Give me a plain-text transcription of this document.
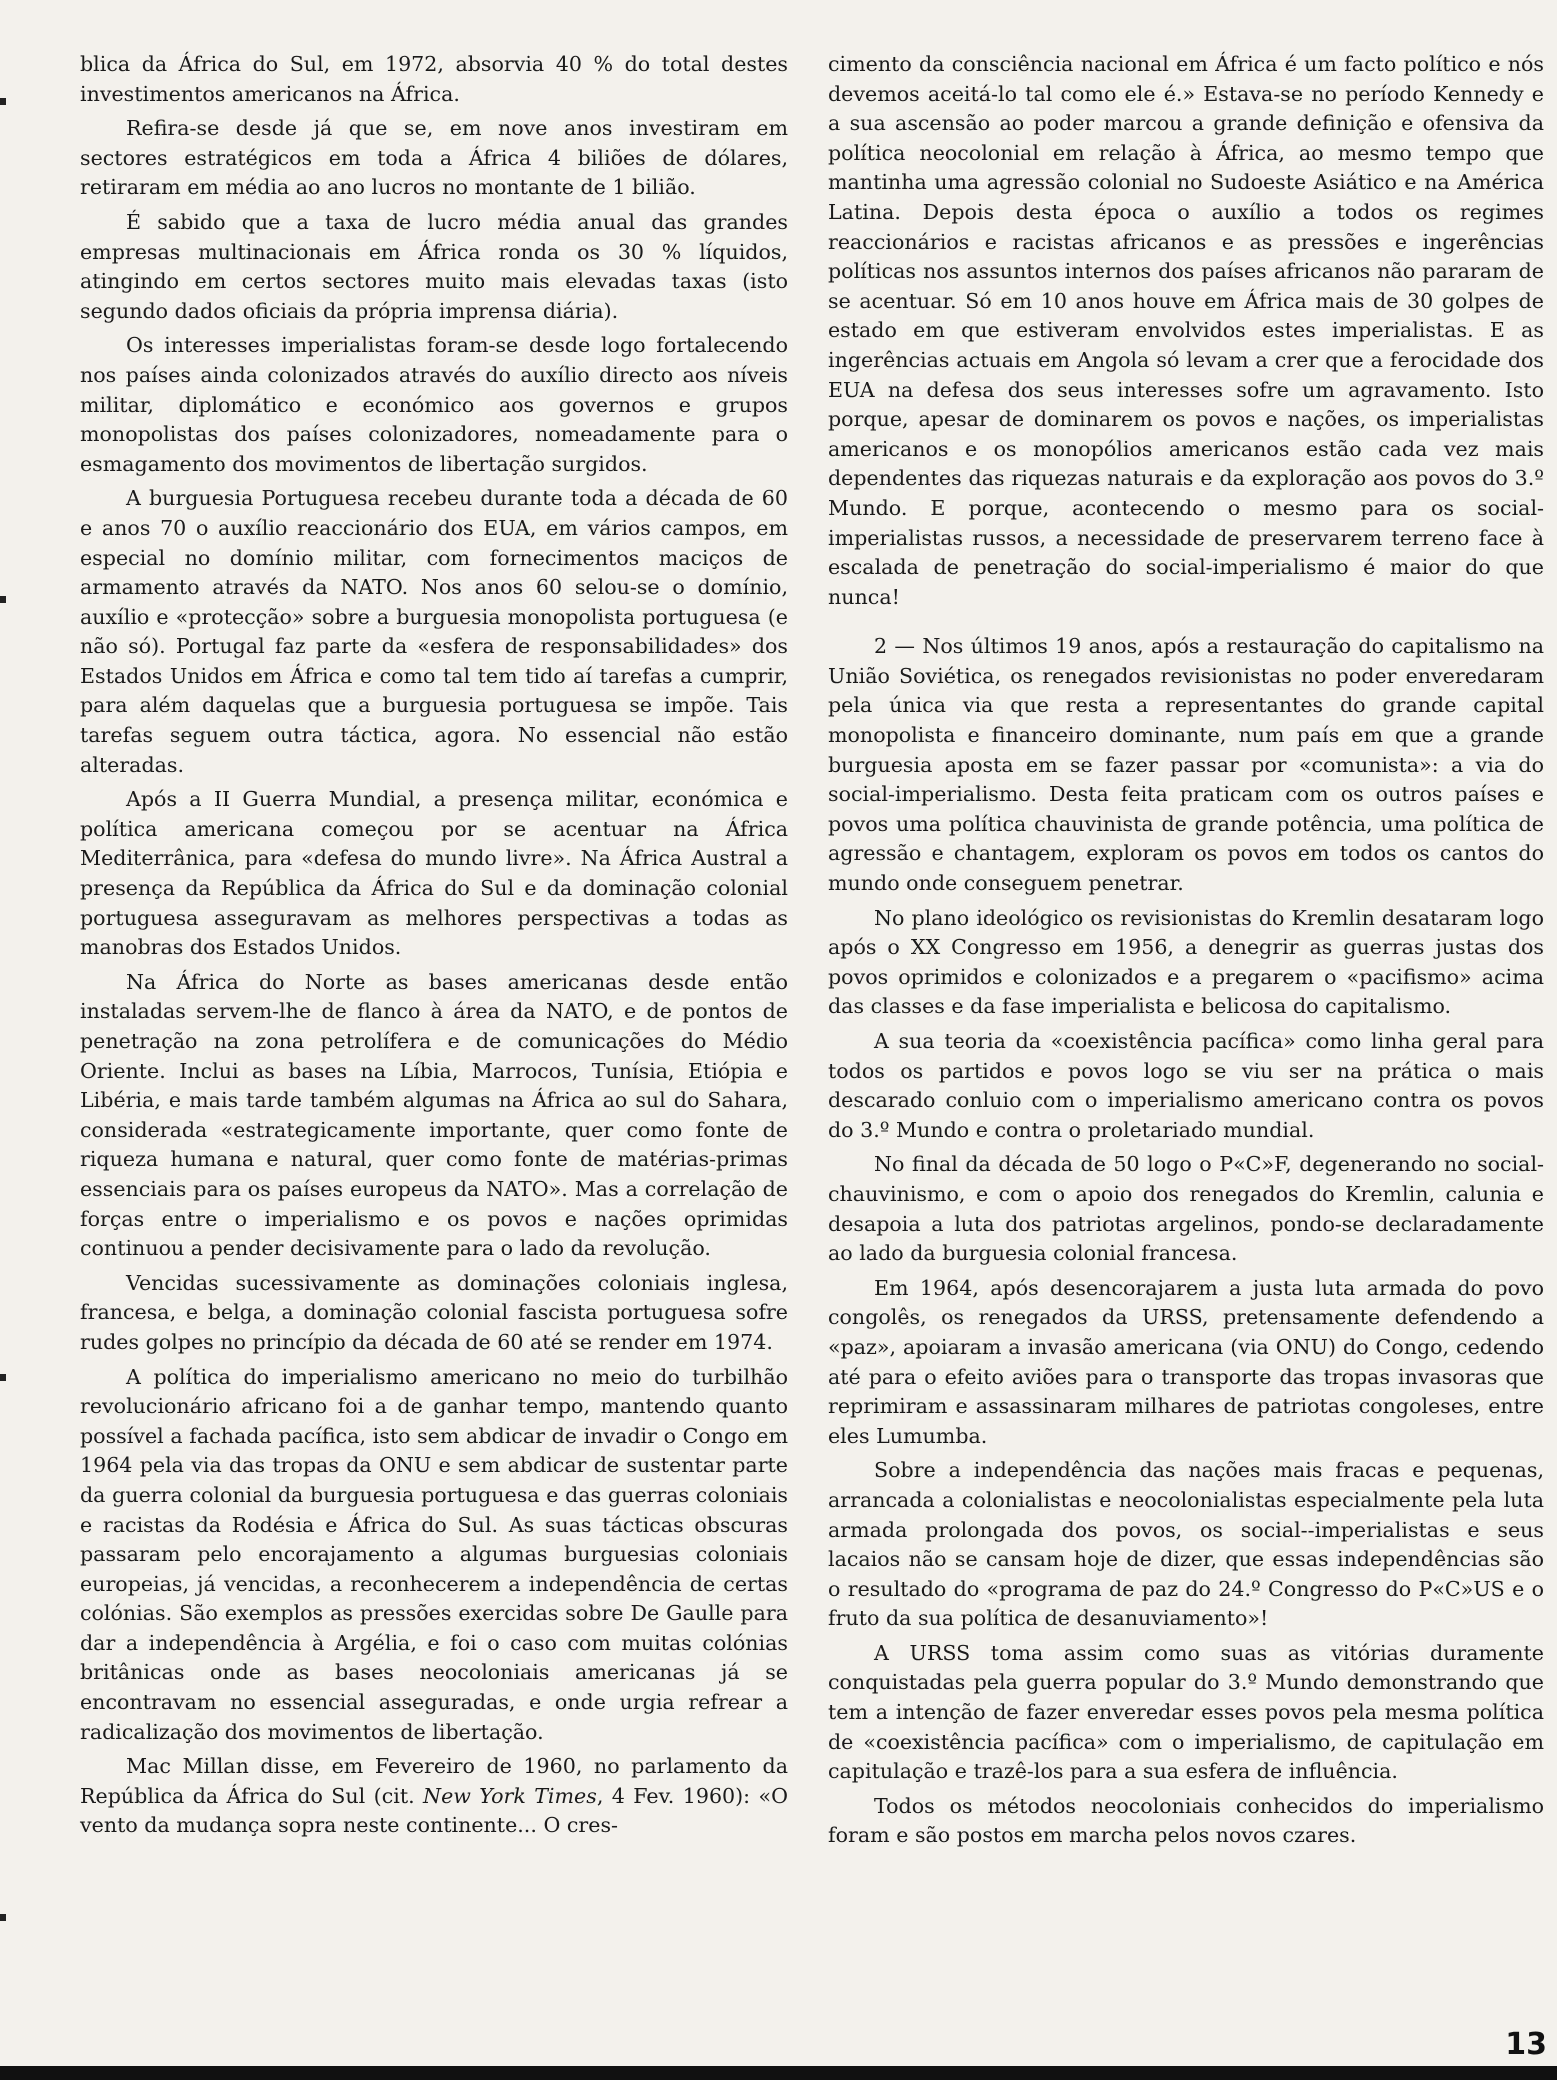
blica da África do Sul, em 1972, absorvia 40 % do total destes investimentos americanos na África.

Refira-se desde já que se, em nove anos investiram em sectores estratégicos em toda a África 4 biliões de dólares, retiraram em média ao ano lucros no montante de 1 bilião.

É sabido que a taxa de lucro média anual das grandes empresas multinacionais em África ronda os 30 % líquidos, atingindo em certos sectores muito mais elevadas taxas (isto segundo dados oficiais da própria imprensa diária).

Os interesses imperialistas foram-se desde logo fortalecendo nos países ainda colonizados através do auxílio directo aos níveis militar, diplomático e económico aos governos e grupos monopolistas dos países colonizadores, nomeadamente para o esmagamento dos movimentos de libertação surgidos.

A burguesia Portuguesa recebeu durante toda a década de 60 e anos 70 o auxílio reaccionário dos EUA, em vários campos, em especial no domínio militar, com fornecimentos maciços de armamento através da NATO. Nos anos 60 selou-se o domínio, auxílio e «protecção» sobre a burguesia monopolista portuguesa (e não só). Portugal faz parte da «esfera de responsabilidades» dos Estados Unidos em África e como tal tem tido aí tarefas a cumprir, para além daquelas que a burguesia portuguesa se impõe. Tais tarefas seguem outra táctica, agora. No essencial não estão alteradas.

Após a II Guerra Mundial, a presença militar, económica e política americana começou por se acentuar na África Mediterrânica, para «defesa do mundo livre». Na África Austral a presença da República da África do Sul e da dominação colonial portuguesa asseguravam as melhores perspectivas a todas as manobras dos Estados Unidos.

Na África do Norte as bases americanas desde então instaladas servem-lhe de flanco à área da NATO, e de pontos de penetração na zona petrolífera e de comunicações do Médio Oriente. Inclui as bases na Líbia, Marrocos, Tunísia, Etiópia e Libéria, e mais tarde também algumas na África ao sul do Sahara, considerada «estrategicamente importante, quer como fonte de riqueza humana e natural, quer como fonte de matérias-primas essenciais para os países europeus da NATO». Mas a correlação de forças entre o imperialismo e os povos e nações oprimidas continuou a pender decisivamente para o lado da revolução.

Vencidas sucessivamente as dominações coloniais inglesa, francesa, e belga, a dominação colonial fascista portuguesa sofre rudes golpes no princípio da década de 60 até se render em 1974.

A política do imperialismo americano no meio do turbilhão revolucionário africano foi a de ganhar tempo, mantendo quanto possível a fachada pacífica, isto sem abdicar de invadir o Congo em 1964 pela via das tropas da ONU e sem abdicar de sustentar parte da guerra colonial da burguesia portuguesa e das guerras coloniais e racistas da Rodésia e África do Sul. As suas tácticas obscuras passaram pelo encorajamento a algumas burguesias coloniais europeias, já vencidas, a reconhecerem a independência de certas colónias. São exemplos as pressões exercidas sobre De Gaulle para dar a independência à Argélia, e foi o caso com muitas colónias britânicas onde as bases neocoloniais americanas já se encontravam no essencial asseguradas, e onde urgia refrear a radicalização dos movimentos de libertação.

Mac Millan disse, em Fevereiro de 1960, no parlamento da República da África do Sul (cit. New York Times, 4 Fev. 1960): «O vento da mudança sopra neste continente... O cres-

cimento da consciência nacional em África é um facto político e nós devemos aceitá-lo tal como ele é.» Estava-se no período Kennedy e a sua ascensão ao poder marcou a grande definição e ofensiva da política neocolonial em relação à África, ao mesmo tempo que mantinha uma agressão colonial no Sudoeste Asiático e na América Latina. Depois desta época o auxílio a todos os regimes reaccionários e racistas africanos e as pressões e ingerências políticas nos assuntos internos dos países africanos não pararam de se acentuar. Só em 10 anos houve em África mais de 30 golpes de estado em que estiveram envolvidos estes imperialistas. E as ingerências actuais em Angola só levam a crer que a ferocidade dos EUA na defesa dos seus interesses sofre um agravamento. Isto porque, apesar de dominarem os povos e nações, os imperialistas americanos e os monopólios americanos estão cada vez mais dependentes das riquezas naturais e da exploração aos povos do 3.º Mundo. E porque, acontecendo o mesmo para os social-imperialistas russos, a necessidade de preservarem terreno face à escalada de penetração do social-imperialismo é maior do que nunca!

2 — Nos últimos 19 anos, após a restauração do capitalismo na União Soviética, os renegados revisionistas no poder enveredaram pela única via que resta a representantes do grande capital monopolista e financeiro dominante, num país em que a grande burguesia aposta em se fazer passar por «comunista»: a via do social-imperialismo. Desta feita praticam com os outros países e povos uma política chauvinista de grande potência, uma política de agressão e chantagem, exploram os povos em todos os cantos do mundo onde conseguem penetrar.

No plano ideológico os revisionistas do Kremlin desataram logo após o XX Congresso em 1956, a denegrir as guerras justas dos povos oprimidos e colonizados e a pregarem o «pacifismo» acima das classes e da fase imperialista e belicosa do capitalismo.

A sua teoria da «coexistência pacífica» como linha geral para todos os partidos e povos logo se viu ser na prática o mais descarado conluio com o imperialismo americano contra os povos do 3.º Mundo e contra o proletariado mundial.

No final da década de 50 logo o P«C»F, degenerando no social-chauvinismo, e com o apoio dos renegados do Kremlin, calunia e desapoia a luta dos patriotas argelinos, pondo-se declaradamente ao lado da burguesia colonial francesa.

Em 1964, após desencorajarem a justa luta armada do povo congolês, os renegados da URSS, pretensamente defendendo a «paz», apoiaram a invasão americana (via ONU) do Congo, cedendo até para o efeito aviões para o transporte das tropas invasoras que reprimiram e assassinaram milhares de patriotas congoleses, entre eles Lumumba.

Sobre a independência das nações mais fracas e pequenas, arrancada a colonialistas e neocolonialistas especialmente pela luta armada prolongada dos povos, os social--imperialistas e seus lacaios não se cansam hoje de dizer, que essas independências são o resultado do «programa de paz do 24.º Congresso do P«C»US e o fruto da sua política de desanuviamento»!

A URSS toma assim como suas as vitórias duramente conquistadas pela guerra popular do 3.º Mundo demonstrando que tem a intenção de fazer enveredar esses povos pela mesma política de «coexistência pacífica» com o imperialismo, de capitulação em capitulação e trazê-los para a sua esfera de influência.

Todos os métodos neocoloniais conhecidos do imperialismo foram e são postos em marcha pelos novos czares.

13
